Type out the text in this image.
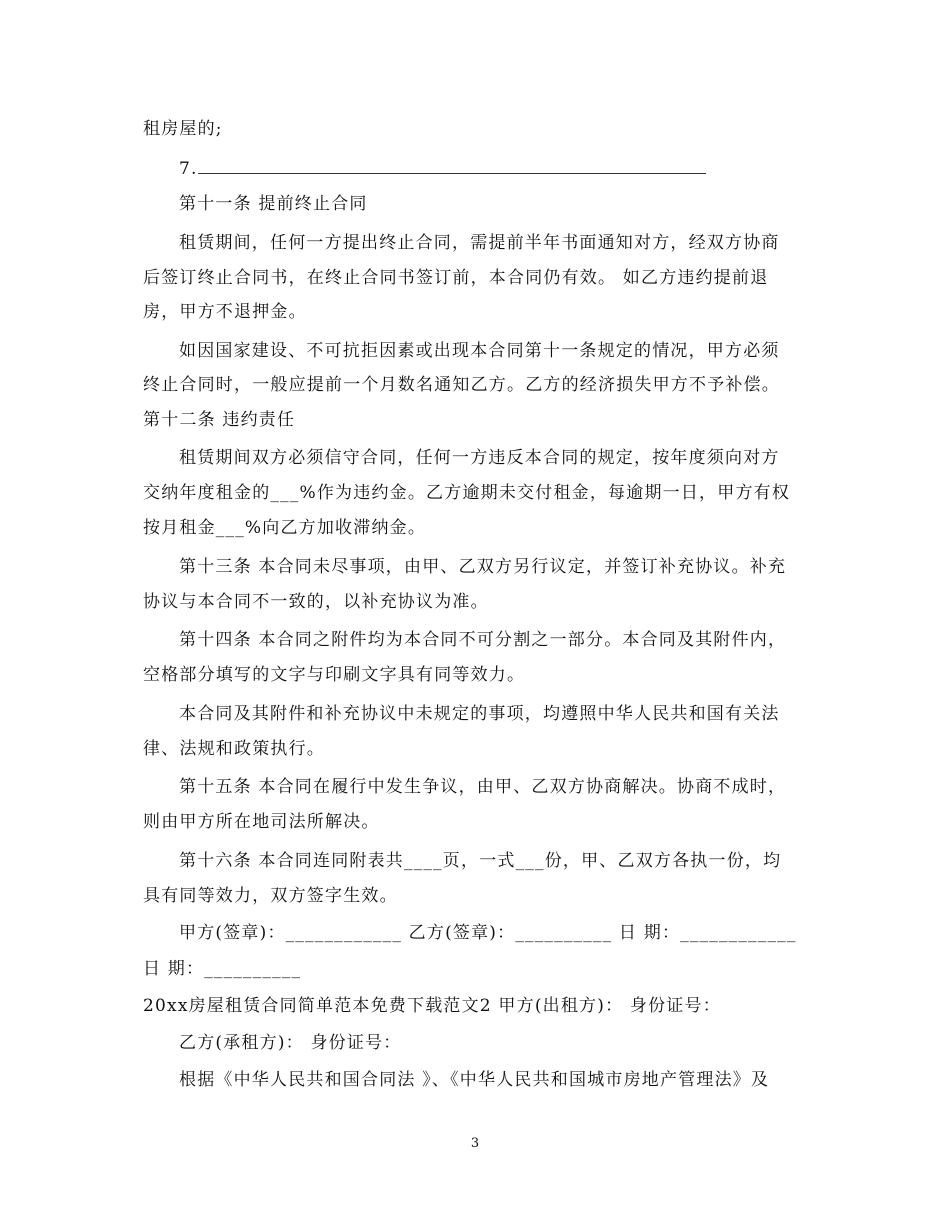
租房屋的;
7.
第十一条 提前终止合同
租赁期间，任何一方提出终止合同，需提前半年书面通知对方，经双方协商
后签订终止合同书，在终止合同书签订前，本合同仍有效。 如乙方违约提前退
房，甲方不退押金。
如因国家建设、不可抗拒因素或出现本合同第十一条规定的情况，甲方必须
终止合同时，一般应提前一个月数名通知乙方。乙方的经济损失甲方不予补偿。
第十二条 违约责任
租赁期间双方必须信守合同，任何一方违反本合同的规定，按年度须向对方
交纳年度租金的___%作为违约金。乙方逾期未交付租金，每逾期一日，甲方有权
按月租金___%向乙方加收滞纳金。
第十三条 本合同未尽事项，由甲、乙双方另行议定，并签订补充协议。补充
协议与本合同不一致的，以补充协议为准。
第十四条 本合同之附件均为本合同不可分割之一部分。本合同及其附件内，
空格部分填写的文字与印刷文字具有同等效力。
本合同及其附件和补充协议中未规定的事项，均遵照中华人民共和国有关法
律、法规和政策执行。
第十五条 本合同在履行中发生争议，由甲、乙双方协商解决。协商不成时，
则由甲方所在地司法所解决。
第十六条 本合同连同附表共____页，一式___份，甲、乙双方各执一份，均
具有同等效力，双方签字生效。
甲方(签章)：____________ 乙方(签章)：__________ 日 期：____________
日 期：__________
20xx房屋租赁合同简单范本免费下载范文2 甲方(出租方)： 身份证号：
乙方(承租方)： 身份证号：
根据《中华人民共和国合同法 》、《中华人民共和国城市房地产管理法》及
3
